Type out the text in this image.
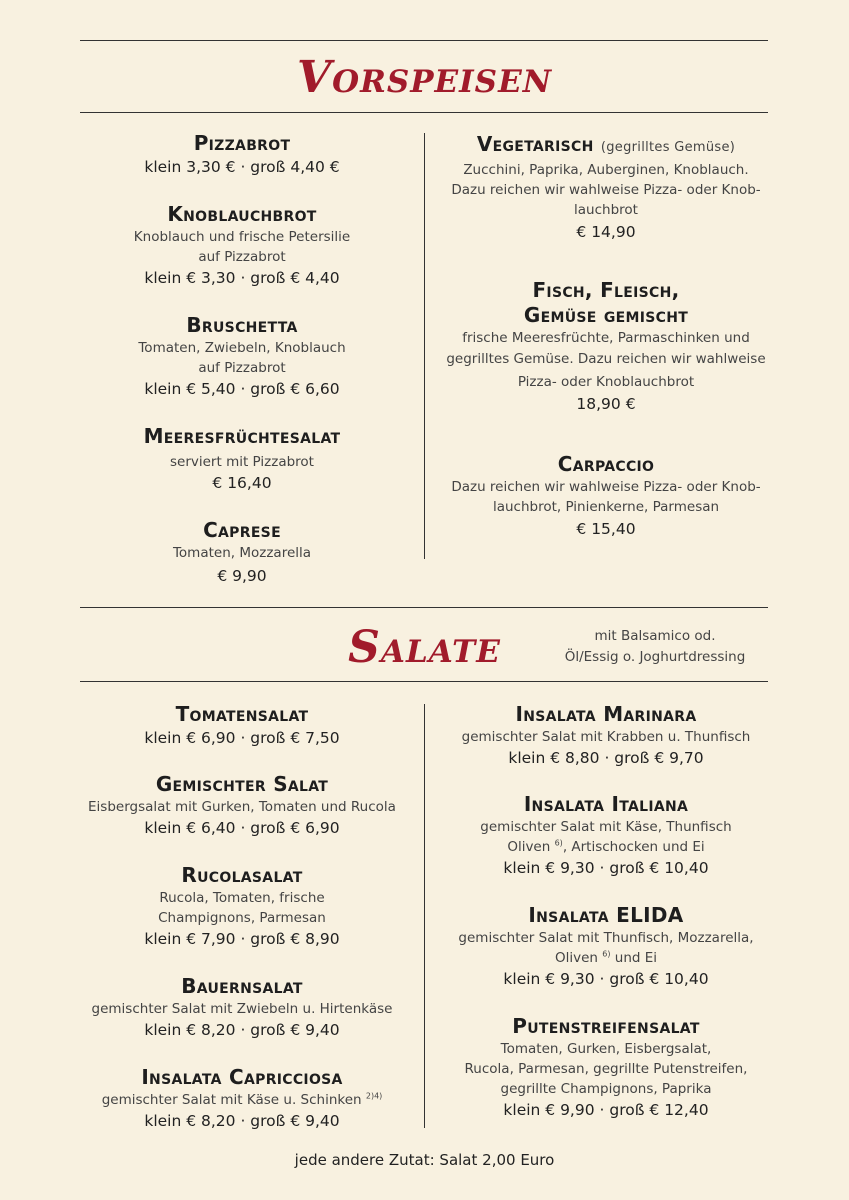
Vorspeisen
Pizzabrot
klein 3,30 € · groß 4,40 €
Knoblauchbrot
Knoblauch und frische Petersilie
auf Pizzabrot
klein € 3,30 · groß € 4,40
Bruschetta
Tomaten, Zwiebeln, Knoblauch
auf Pizzabrot
klein € 5,40 · groß € 6,60
Meeresfrüchtesalat
serviert mit Pizzabrot
€ 16,40
Caprese
Tomaten, Mozzarella
€ 9,90
Vegetarisch (gegrilltes Gemüse)
Zucchini, Paprika, Auberginen, Knoblauch.
Dazu reichen wir wahlweise Pizza- oder Knob-
lauchbrot
€ 14,90
Fisch, Fleisch,
Gemüse gemischt
frische Meeresfrüchte, Parmaschinken und
gegrilltes Gemüse. Dazu reichen wir wahlweise
Pizza- oder Knoblauchbrot
18,90 €
Carpaccio
Dazu reichen wir wahlweise Pizza- oder Knob-
lauchbrot, Pinienkerne, Parmesan
€ 15,40
Salate	mit Balsamico od.
Öl/Essig o. Joghurtdressing
Tomatensalat
klein € 6,90 · groß € 7,50
Gemischter Salat
Eisbergsalat mit Gurken, Tomaten und Rucola
klein € 6,40 · groß € 6,90
Rucolasalat
Rucola, Tomaten, frische
Champignons, Parmesan
klein € 7,90 · groß € 8,90
Bauernsalat
gemischter Salat mit Zwiebeln u. Hirtenkäse
klein € 8,20 · groß € 9,40
Insalata Capricciosa
gemischter Salat mit Käse u. Schinken $^{2)4)}$
klein € 8,20 · groß € 9,40
Insalata Marinara
gemischter Salat mit Krabben u. Thunfisch
klein € 8,80 · groß € 9,70
Insalata Italiana
gemischter Salat mit Käse, Thunfisch
Oliven $^{6)}$, Artischocken und Ei
klein € 9,30 · groß € 10,40
Insalata ELIDA
gemischter Salat mit Thunfisch, Mozzarella,
Oliven $^{6)}$ und Ei
klein € 9,30 · groß € 10,40
Putenstreifensalat
Tomaten, Gurken, Eisbergsalat,
Rucola, Parmesan, gegrillte Putenstreifen,
gegrillte Champignons, Paprika
klein € 9,90 · groß € 12,40
jede andere Zutat: Salat 2,00 Euro
